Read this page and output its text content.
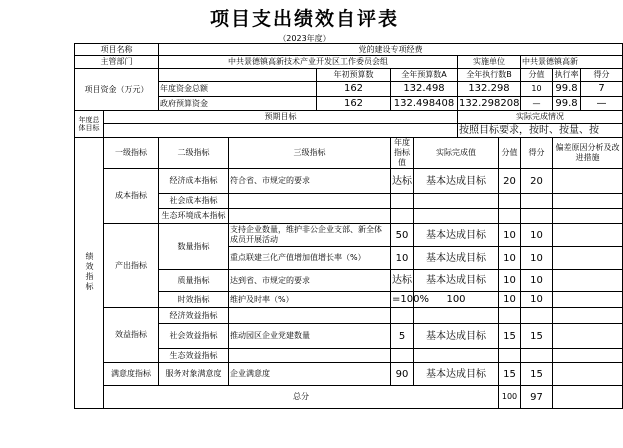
项目支出绩效自评表
（2023年度）
项目名称		党的建设专项经费									
主管部门		中共景德镇高新技术产业开发区工作委员会组					实施单位		中共景德镇高新		
项目资金（万元）				年初预算数	全年预算数A		全年执行数B		分值	执行率	得分
		年度资金总额		162	132.498		132.298		10	99.8	7
		政府预算资金		162	132.498408		132.298208		—	99.8	—
年度总体目标	预期目标						实际完成情况				
							按照目标要求，按时、按量、按				
绩效指标	一级指标	二级指标	三级指标		年度指标值	实际完成值		分值	得分	偏差原因分析及改进措施	
	成本指标	经济成本指标	符合省、市规定的要求		达标	基本达成目标		20	20		
		社会成本指标									
		生态环境成本指标									
	产出指标	数量指标	支持企业数量，维护非公企业支部、新全体成员开展活动		50	基本达成目标		10	10		
			重点联建三化产值增加值增长率（%）		10	基本达成目标		10	10		
		质量指标	达到省、市规定的要求		达标	基本达成目标		10	10		
		时效指标	维护及时率（%）		=100%	100		10	10		
	效益指标	经济效益指标									
		社会效益指标	推动园区企业党建数量		5	基本达成目标		15	15		
		生态效益指标									
	满意度指标	服务对象满意度	企业满意度		90	基本达成目标		15	15		
	总分							100	97		
